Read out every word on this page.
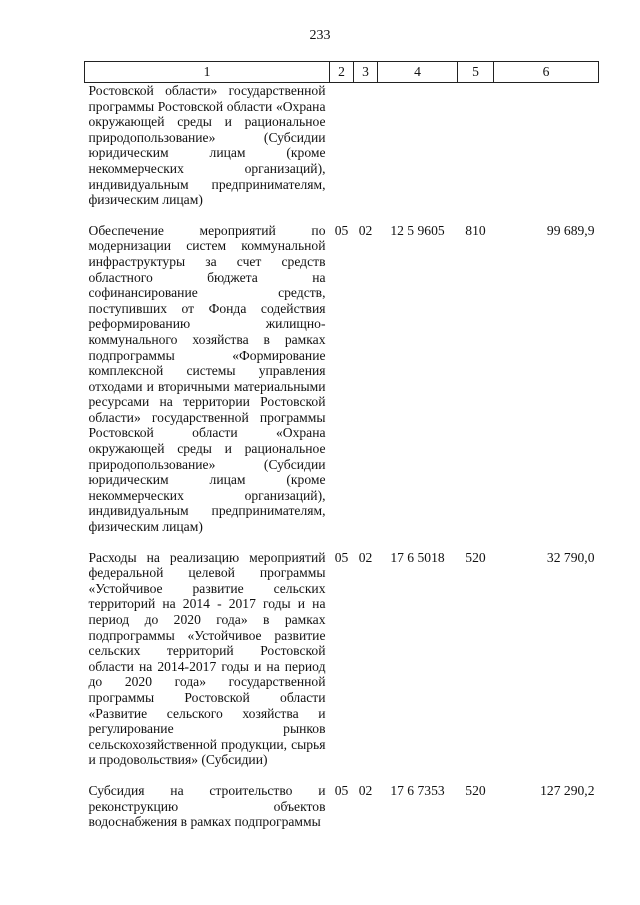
233
1	2	3	4	5	6
Ростовской области» государственной программы Ростовской области «Охрана окружающей среды и рациональное природопользование» (Субсидии юридическим лицам (кроме некоммерческих организаций), индивидуальным предпринимателям, физическим лицам)					

Обеспечение мероприятий по модернизации систем коммунальной инфраструктуры за счет средств областного бюджета на софинансирование средств, поступивших от Фонда содействия реформированию жилищно-коммунального хозяйства в рамках подпрограммы «Формирование комплексной системы управления отходами и вторичными материальными ресурсами на территории Ростовской области» государственной программы Ростовской области «Охрана окружающей среды и рациональное природопользование» (Субсидии юридическим лицам (кроме некоммерческих организаций), индивидуальным предпринимателям, физическим лицам)	05	02	12 5 9605	810	99 689,9

Расходы на реализацию мероприятий федеральной целевой программы «Устойчивое развитие сельских территорий на 2014 - 2017 годы и на период до 2020 года» в рамках подпрограммы «Устойчивое развитие сельских территорий Ростовской области на 2014-2017 годы и на период до 2020 года» государственной программы Ростовской области «Развитие сельского хозяйства и регулирование рынков сельскохозяйственной продукции, сырья и продовольствия» (Субсидии)	05	02	17 6 5018	520	32 790,0

Субсидия на строительство и реконструкцию объектов водоснабжения в рамках подпрограммы	05	02	17 6 7353	520	127 290,2
